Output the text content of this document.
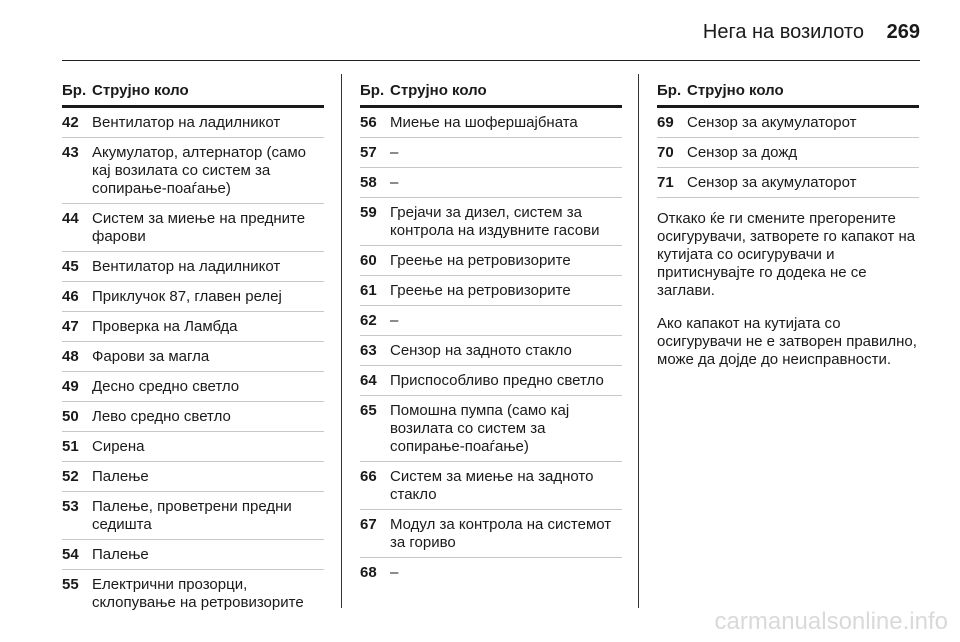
Нега на возилото 269
Бр. Струјно коло
42 Вентилатор на ладилникот
43 Акумулатор, алтернатор (само кај возилата со систем за сопирање-поаѓање)
44 Систем за миење на предните фарови
45 Вентилатор на ладилникот
46 Приклучок 87, главен релеј
47 Проверка на Ламбда
48 Фарови за магла
49 Десно средно светло
50 Лево средно светло
51 Сирена
52 Палење
53 Палење, проветрени предни седишта
54 Палење
55 Електрични прозорци, склопување на ретровизорите
Бр. Струјно коло
56 Миење на шофершајбната
57 –
58 –
59 Грејачи за дизел, систем за контрола на издувните гасови
60 Греење на ретровизорите
61 Греење на ретровизорите
62 –
63 Сензор на задното стакло
64 Приспособливо предно светло
65 Помошна пумпа (само кај возилата со систем за сопирање-поаѓање)
66 Систем за миење на задното стакло
67 Модул за контрола на системот за гориво
68 –
Бр. Струјно коло
69 Сензор за акумулаторот
70 Сензор за дожд
71 Сензор за акумулаторот

Откако ќе ги смените прегорените осигурувачи, затворете го капакот на кутијата со осигурувачи и притиснувајте го додека не се заглави.

Ако капакот на кутијата со осигурувачи не е затворен правилно, може да дојде до неисправности.

carmanualsonline.info
